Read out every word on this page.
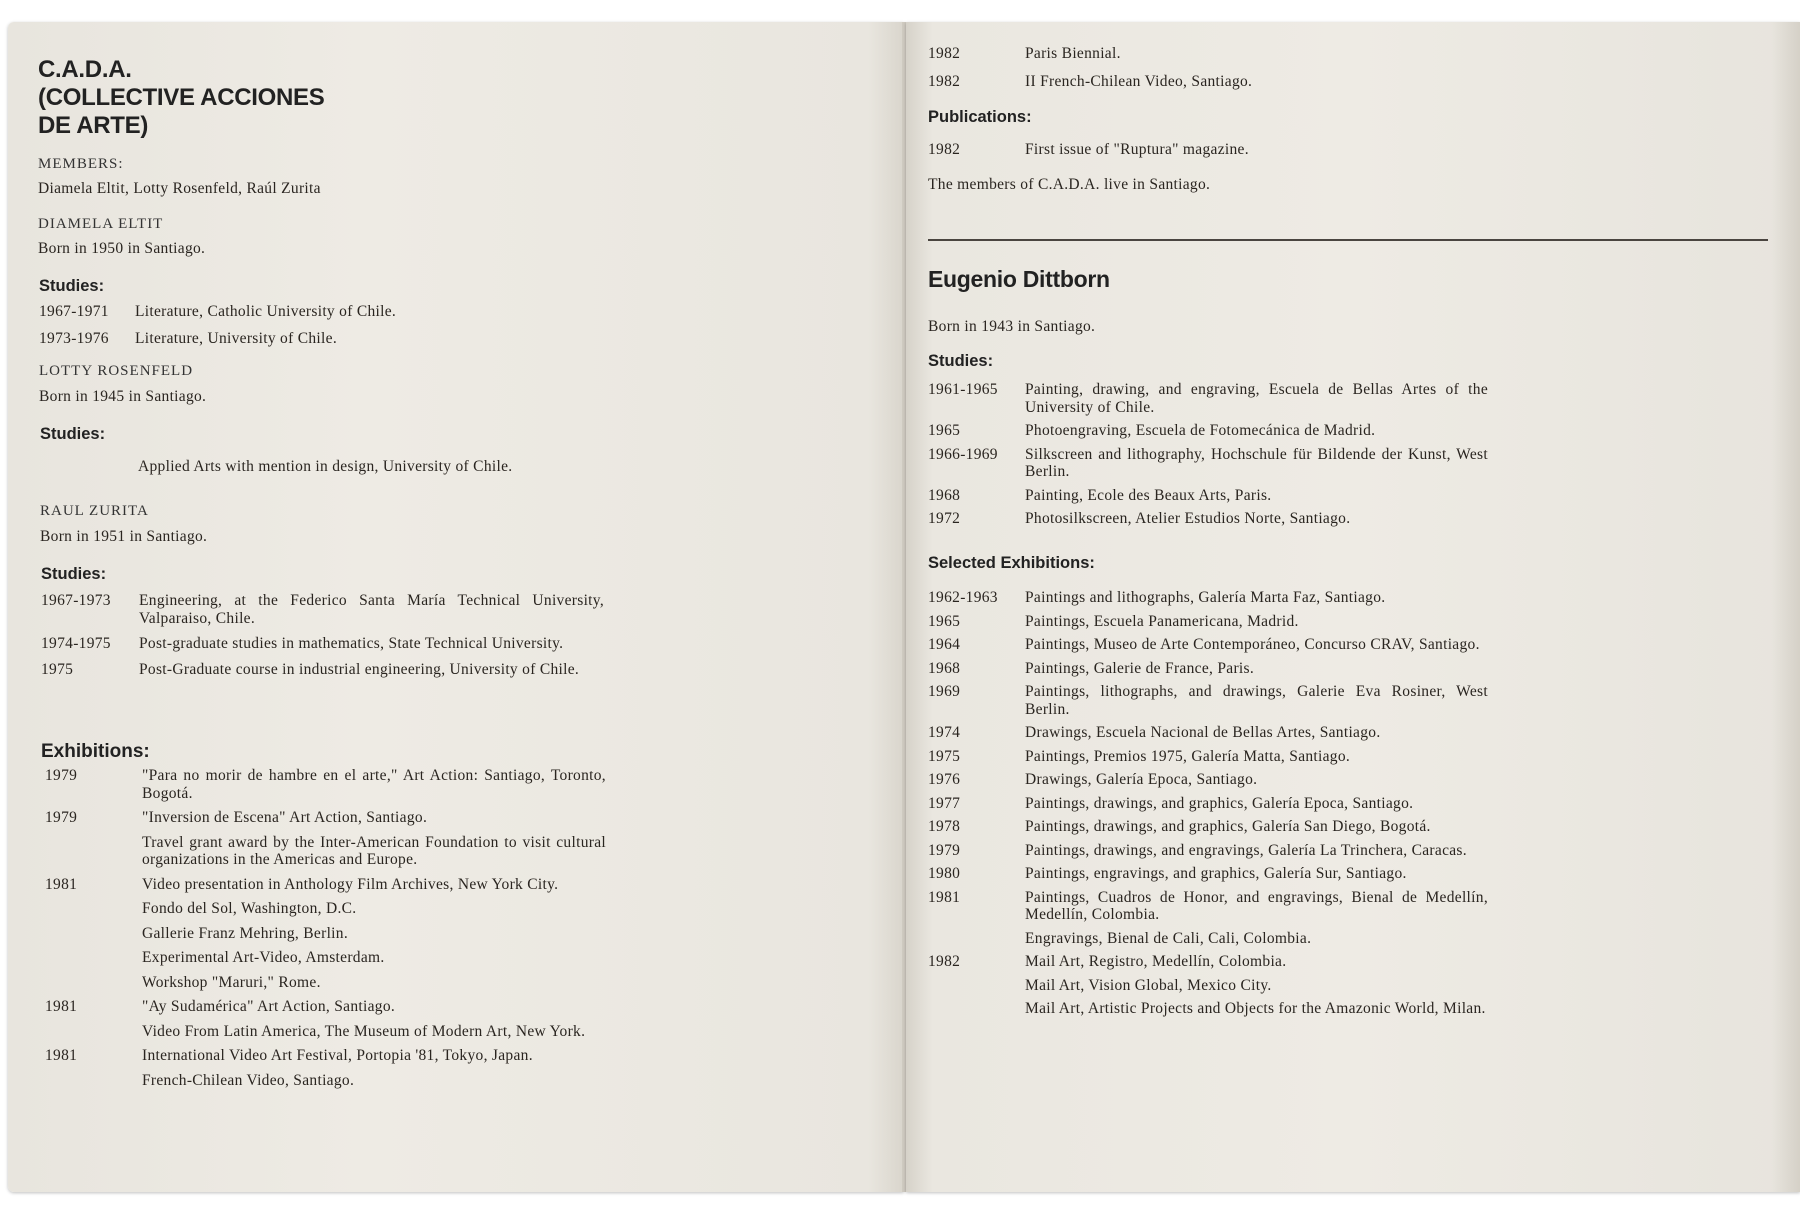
C.A.D.A.
(COLLECTIVE ACCIONES
DE ARTE)
MEMBERS:
Diamela Eltit, Lotty Rosenfeld, Raúl Zurita
DIAMELA ELTIT
Born in 1950 in Santiago.
Studies:
1967-1971	Literature, Catholic University of Chile.
1973-1976	Literature, University of Chile.
LOTTY ROSENFELD
Born in 1945 in Santiago.
Studies:
Applied Arts with mention in design, University of Chile.
RAUL ZURITA
Born in 1951 in Santiago.
Studies:
1967-1973	Engineering, at the Federico Santa María Technical University, Valparaiso, Chile.
1974-1975	Post-graduate studies in mathematics, State Technical University.
1975	Post-Graduate course in industrial engineering, University of Chile.
Exhibitions:
1979	"Para no morir de hambre en el arte," Art Action: Santiago, Toronto, Bogotá.
1979	"Inversion de Escena" Art Action, Santiago.
Travel grant award by the Inter-American Foundation to visit cultural organizations in the Americas and Europe.
1981	Video presentation in Anthology Film Archives, New York City.
Fondo del Sol, Washington, D.C.
Gallerie Franz Mehring, Berlin.
Experimental Art-Video, Amsterdam.
Workshop "Maruri," Rome.
1981	"Ay Sudamérica" Art Action, Santiago.
Video From Latin America, The Museum of Modern Art, New York.
1981	International Video Art Festival, Portopia '81, Tokyo, Japan.
French-Chilean Video, Santiago.
1982	Paris Biennial.
1982	II French-Chilean Video, Santiago.
Publications:
1982	First issue of "Ruptura" magazine.
The members of C.A.D.A. live in Santiago.
Eugenio Dittborn
Born in 1943 in Santiago.
Studies:
1961-1965	Painting, drawing, and engraving, Escuela de Bellas Artes of the University of Chile.
1965	Photoengraving, Escuela de Fotomecánica de Madrid.
1966-1969	Silkscreen and lithography, Hochschule für Bildende der Kunst, West Berlin.
1968	Painting, Ecole des Beaux Arts, Paris.
1972	Photosilkscreen, Atelier Estudios Norte, Santiago.
Selected Exhibitions:
1962-1963	Paintings and lithographs, Galería Marta Faz, Santiago.
1965	Paintings, Escuela Panamericana, Madrid.
1964	Paintings, Museo de Arte Contemporáneo, Concurso CRAV, Santiago.
1968	Paintings, Galerie de France, Paris.
1969	Paintings, lithographs, and drawings, Galerie Eva Rosiner, West Berlin.
1974	Drawings, Escuela Nacional de Bellas Artes, Santiago.
1975	Paintings, Premios 1975, Galería Matta, Santiago.
1976	Drawings, Galería Epoca, Santiago.
1977	Paintings, drawings, and graphics, Galería Epoca, Santiago.
1978	Paintings, drawings, and graphics, Galería San Diego, Bogotá.
1979	Paintings, drawings, and engravings, Galería La Trinchera, Caracas.
1980	Paintings, engravings, and graphics, Galería Sur, Santiago.
1981	Paintings, Cuadros de Honor, and engravings, Bienal de Medellín, Medellín, Colombia.
Engravings, Bienal de Cali, Cali, Colombia.
1982	Mail Art, Registro, Medellín, Colombia.
Mail Art, Vision Global, Mexico City.
Mail Art, Artistic Projects and Objects for the Amazonic World, Milan.
